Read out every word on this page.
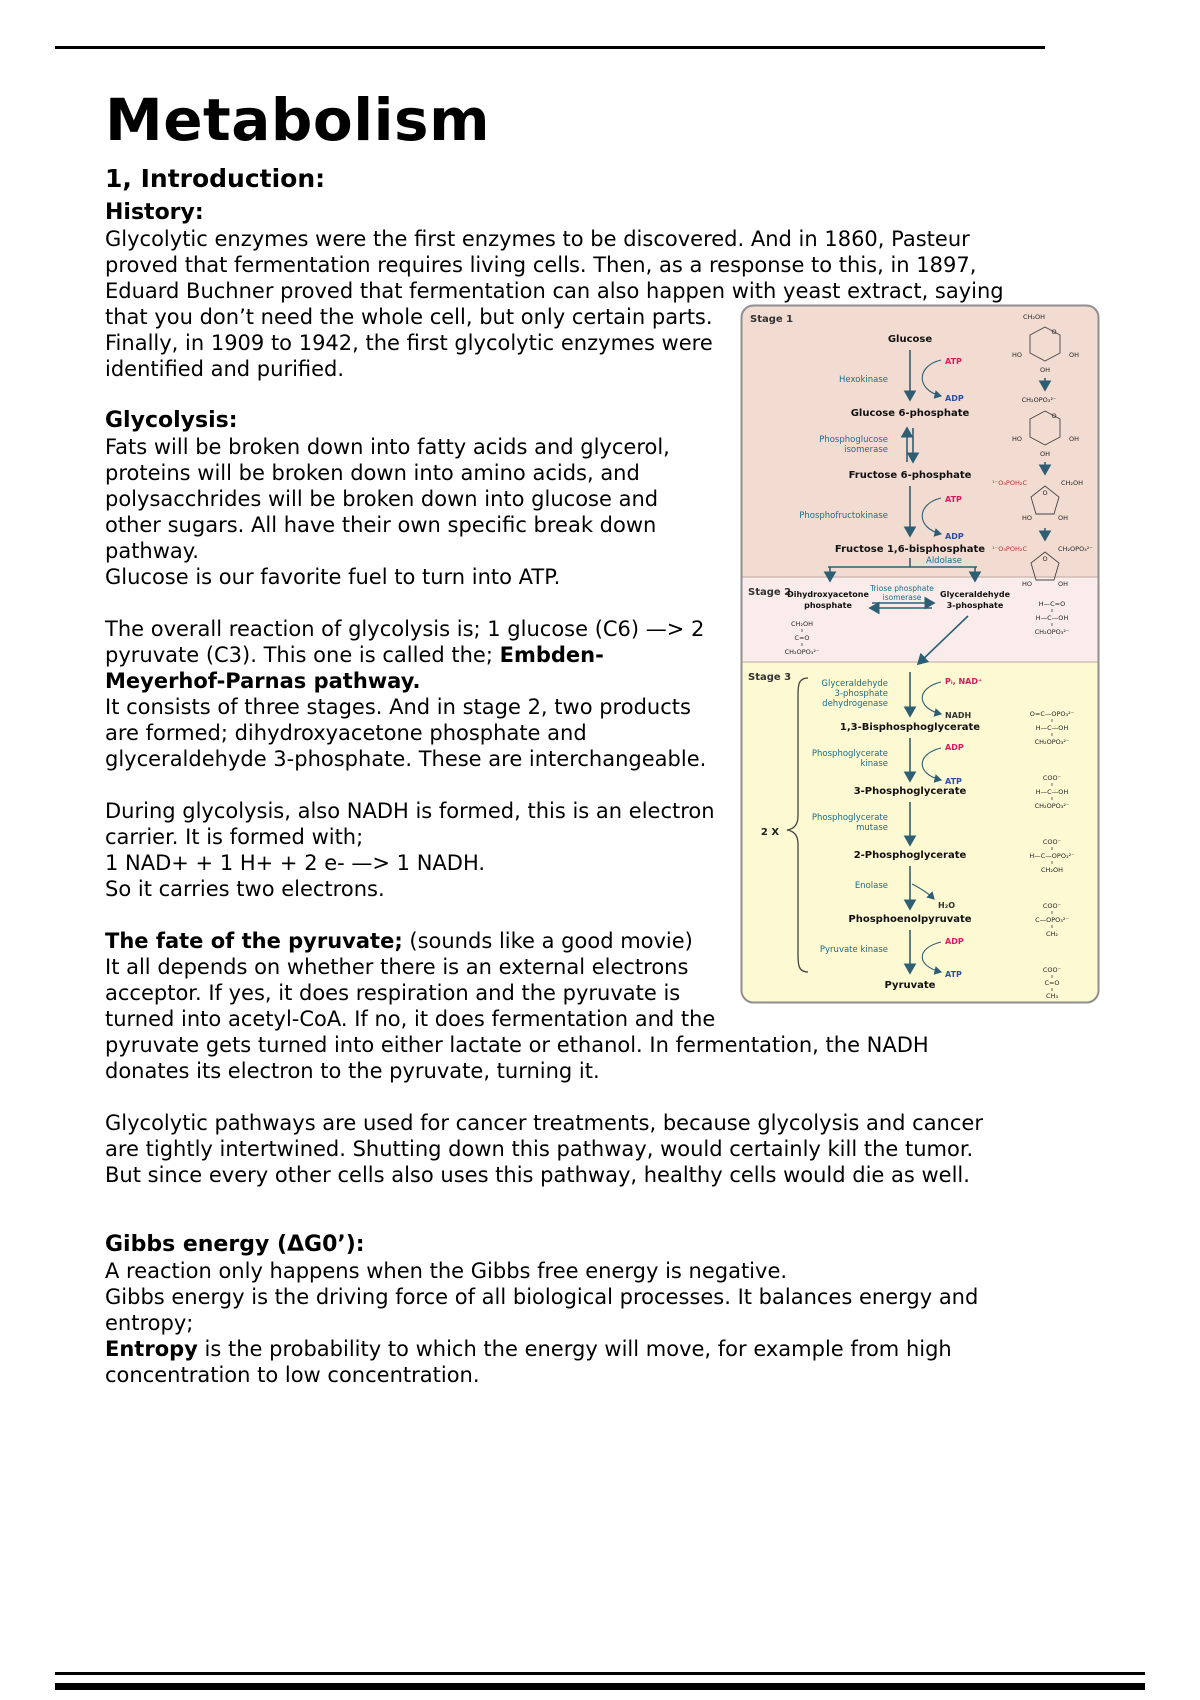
Metabolism
1, Introduction:
History:

Glycolytic enzymes were the first enzymes to be discovered. And in 1860, Pasteur proved that fermentation requires living cells. Then, as a response to this, in 1897, Eduard Buchner proved that fermentation can also happen with
Stage 1
Stage 2
Stage 3
Glucose
Glucose 6-phosphate
Fructose 6-phosphate
Fructose 1,6-bisphosphate
Dihydroxyacetone
phosphate
Glyceraldehyde
3-phosphate
1,3-Bisphosphoglycerate
3-Phosphoglycerate
2-Phosphoglycerate
Phosphoenolpyruvate
Pyruvate
Hexokinase
Phosphoglucose
isomerase
Phosphofructokinase
Aldolase
Triose phosphate
isomerase
Glyceraldehyde
3-phosphate
dehydrogenase
Phosphoglycerate
kinase
Phosphoglycerate
mutase
Enolase
Pyruvate kinase
ATP
ADP
ATP
ADP
Pᵢ, NAD⁺
NADH
ADP
ATP
H₂O
ADP
ATP
2 X
CH₂OH
O
OH
HO
OH
CH₂OPO₃²⁻
O
OH
HO
OH
¹⁻O₃POH₂C	CH₂OH
O
HO	OH
¹⁻O₃POH₂C	CH₂OPO₃²⁻
O
HO	OH
CH₂OH
C=O
CH₂OPO₃²⁻
H—C=O
H—C—OH
CH₂OPO₃²⁻
O=C—OPO₃²⁻
H—C—OH
CH₂OPO₃²⁻
COO⁻
H—C—OH
CH₂OPO₃²⁻
COO⁻
H—C—OPO₃²⁻
CH₂OH
COO⁻
C—OPO₃²⁻
CH₂
COO⁻
C=O
CH₃
yeast extract, saying that you don’t need the whole cell, but only certain parts.

Finally, in 1909 to 1942, the first glycolytic enzymes were identified and purified.

Glycolysis:

Fats will be broken down into fatty acids and glycerol, proteins will be broken down into amino acids, and polysacchrides will be broken down into glucose and other sugars. All have their own specific break down pathway.

Glucose is our favorite fuel to turn into ATP.

The overall reaction of glycolysis is; 1 glucose (C6) —> 2 pyruvate (C3). This one is called the; Embden-Meyerhof-Parnas pathway.

It consists of three stages. And in stage 2, two products are formed; dihydroxyacetone phosphate and glyceraldehyde 3-phosphate. These are interchangeable.

During glycolysis, also NADH is formed, this is an electron carrier. It is formed with;

1 NAD+ + 1 H+ + 2 e- —> 1 NADH.

So it carries two electrons.

The fate of the pyruvate; (sounds like a good movie)

It all depends on whether there is an external electrons acceptor. If yes, it does respiration and the pyruvate is turned into acetyl-CoA. If no, it does fermentation and the pyruvate gets turned into either lactate or ethanol. In fermentation, the NADH donates its electron to the pyruvate, turning it.

Glycolytic pathways are used for cancer treatments, because glycolysis and cancer are tightly intertwined. Shutting down this pathway, would certainly kill the tumor. But since every other cells also uses this pathway, healthy cells would die as well.

Gibbs energy (ΔG0’):

A reaction only happens when the Gibbs free energy is negative.

Gibbs energy is the driving force of all biological processes. It balances energy and entropy;

Entropy is the probability to which the energy will move, for example from high concentration to low concentration.
